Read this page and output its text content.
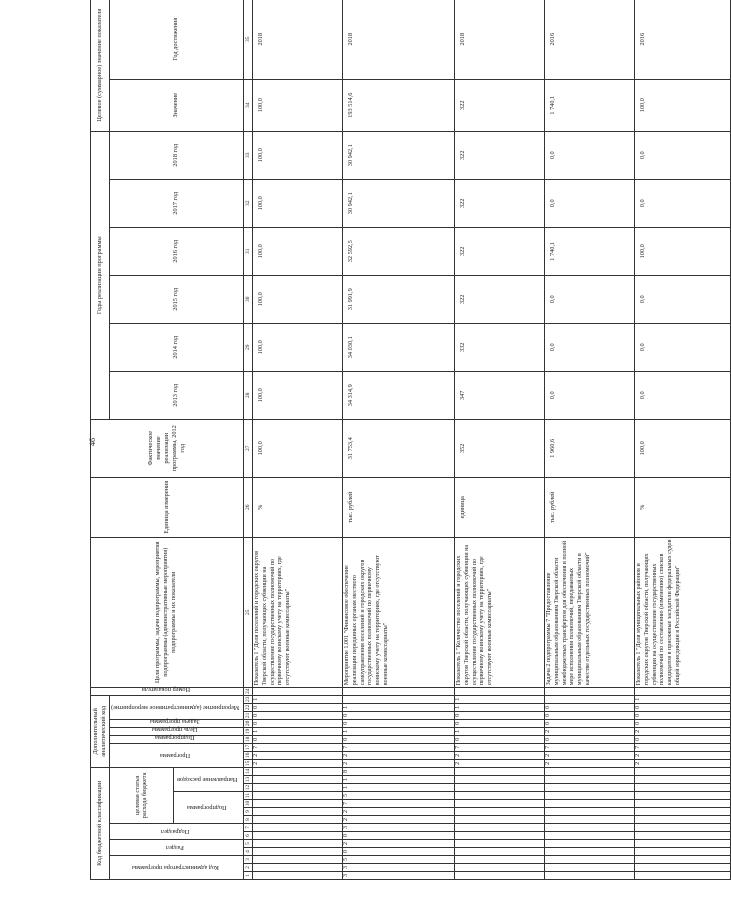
46
Код бюджетной классификации														Дополнительный аналитический код									Номер показателя	Цели программы, задачи подпрограммы, мероприятия подпрограммы (административные мероприятия) подпрограммы и их показатели	Единица измерения	Фактическое значение реализации программы, 2012 год	Годы реализации программы						Целевое (суммарное) значение показателя	
Код администратора программы			Раздел		Подраздел		целевая статья расхода бюджета							Программа			Подпрограмма	Цель программы	Задача программы	Мероприятие (административное мероприятие)							2013 год	2014 год	2015 год	2016 год	2017 год	2018 год	Значение	Год достижения
							Подпрограмма				Направление расходов																							
1	2	3	4	5	6	7	8	9	10	11	12	13	14	15	16	17	18	19	20	21	22	23	24	25	26	27	28	29	30	31	32	33	34	35
														2	2	7	0	1	0	0	0	1		Показатель 1 "Доля поселений и городских округов Тверской области, получающих субвенции на осуществление государственных полномочий по первичному воинскому учету на территориях, где отсутствуют военные комиссариаты"	%	100,0	100,0	100,0	100,0	100,0	100,0	100,0	100,0	2018
3	3	5	0	2	0	3	2	2	7	5	1	1	8	2	2	7	0	1	0	0	1			Мероприятие 1.001 "Финансовое обеспечение реализации переданных органам местного самоуправления поселений и городских округов государственных полномочий по первичному воинскому учету на территориях, где отсутствуют военные комиссариаты"	тыс. рублей	31 753,4	34 314,9	34 030,1	31 991,9	32 592,5	30 942,1	30 942,1	193 514,6	2018
														2	2	7	0	1	0	0	1	1		Показатель 1 "Количество поселений и городских округов Тверской области, получающих субвенции на осуществление государственных полномочий по первичному воинскому учету на территориях, где отсутствуют военные комиссариаты"	единица	352	347	332	322	322	322	322	322	2018
														2	2	7	0	2	0	0	0			Задача 2 подпрограммы 7 "Предоставление муниципальным образованиям Тверской области межбюджетных трансфертов для обеспечения в полной мере исполнения полномочий, передаваемых муниципальным образованиям Тверской области в качестве отдельных государственных полномочий"	тыс. рублей	1 960,6	0,0	0,0	0,0	1 740,1	0,0	0,0	1 740,1	2016
														2	2	7	0	2	0	0	0	1		Показатель 1 "Доля муниципальных районов и городских округов Тверской области, получающих субвенции на осуществление государственных полномочий по составлению (изменению) списков кандидатов в присяжные заседатели федеральных судов общей юрисдикции в Российской Федерации"	%	100,0	0,0	0,0	0,0	100,0	0,0	0,0	100,0	2016
